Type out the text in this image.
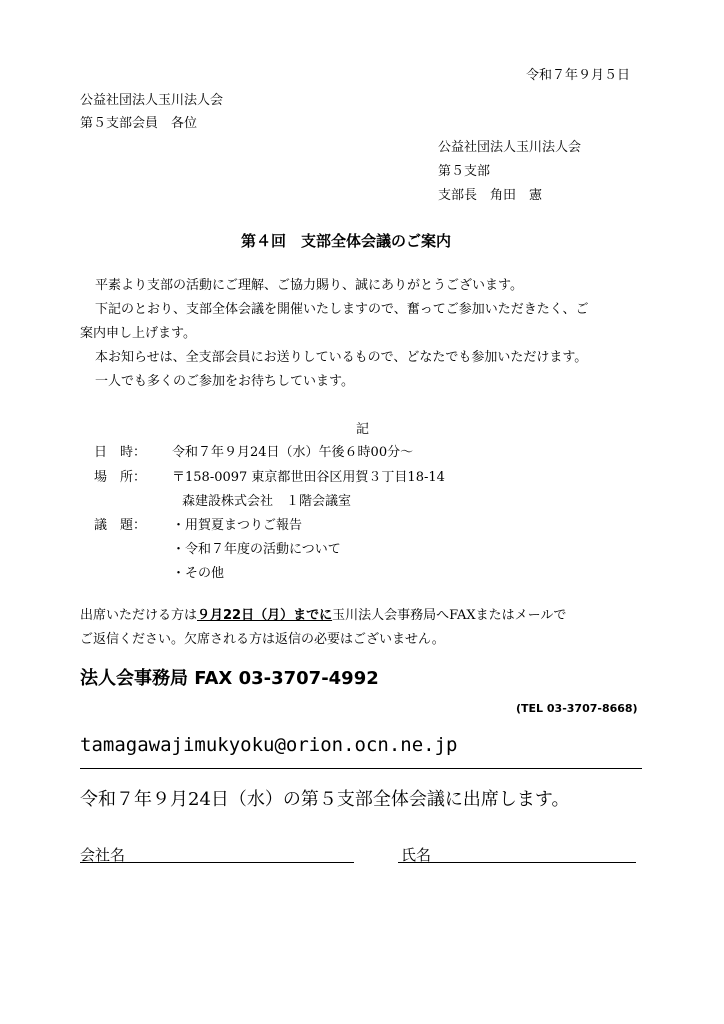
令和７年９月５日
公益社団法人玉川法人会
第５支部会員　各位
公益社団法人玉川法人会
第５支部
支部長　角田　憲
第４回　支部全体会議のご案内
平素より支部の活動にご理解、ご協力賜り、誠にありがとうございます。
下記のとおり、支部全体会議を開催いたしますので、奮ってご参加いただきたく、ご
案内申し上げます。
本お知らせは、全支部会員にお送りしているもので、どなたでも参加いただけます。
一人でも多くのご参加をお待ちしています。
記
日　時： 令和７年９月24日（水）午後６時00分～
場　所： 〒158-0097 東京都世田谷区用賀３丁目18-14
森建設株式会社　１階会議室
議　題： ・用賀夏まつりご報告
・令和７年度の活動について
・その他
出席いただける方は９月22日（月）までに玉川法人会事務局へFAXまたはメールで
ご返信ください。欠席される方は返信の必要はございません。
法人会事務局 FAX 03-3707-4992
(TEL 03-3707-8668)
tamagawajimukyoku@orion.ocn.ne.jp
令和７年９月24日（水）の第５支部全体会議に出席します。
会社名	氏名
